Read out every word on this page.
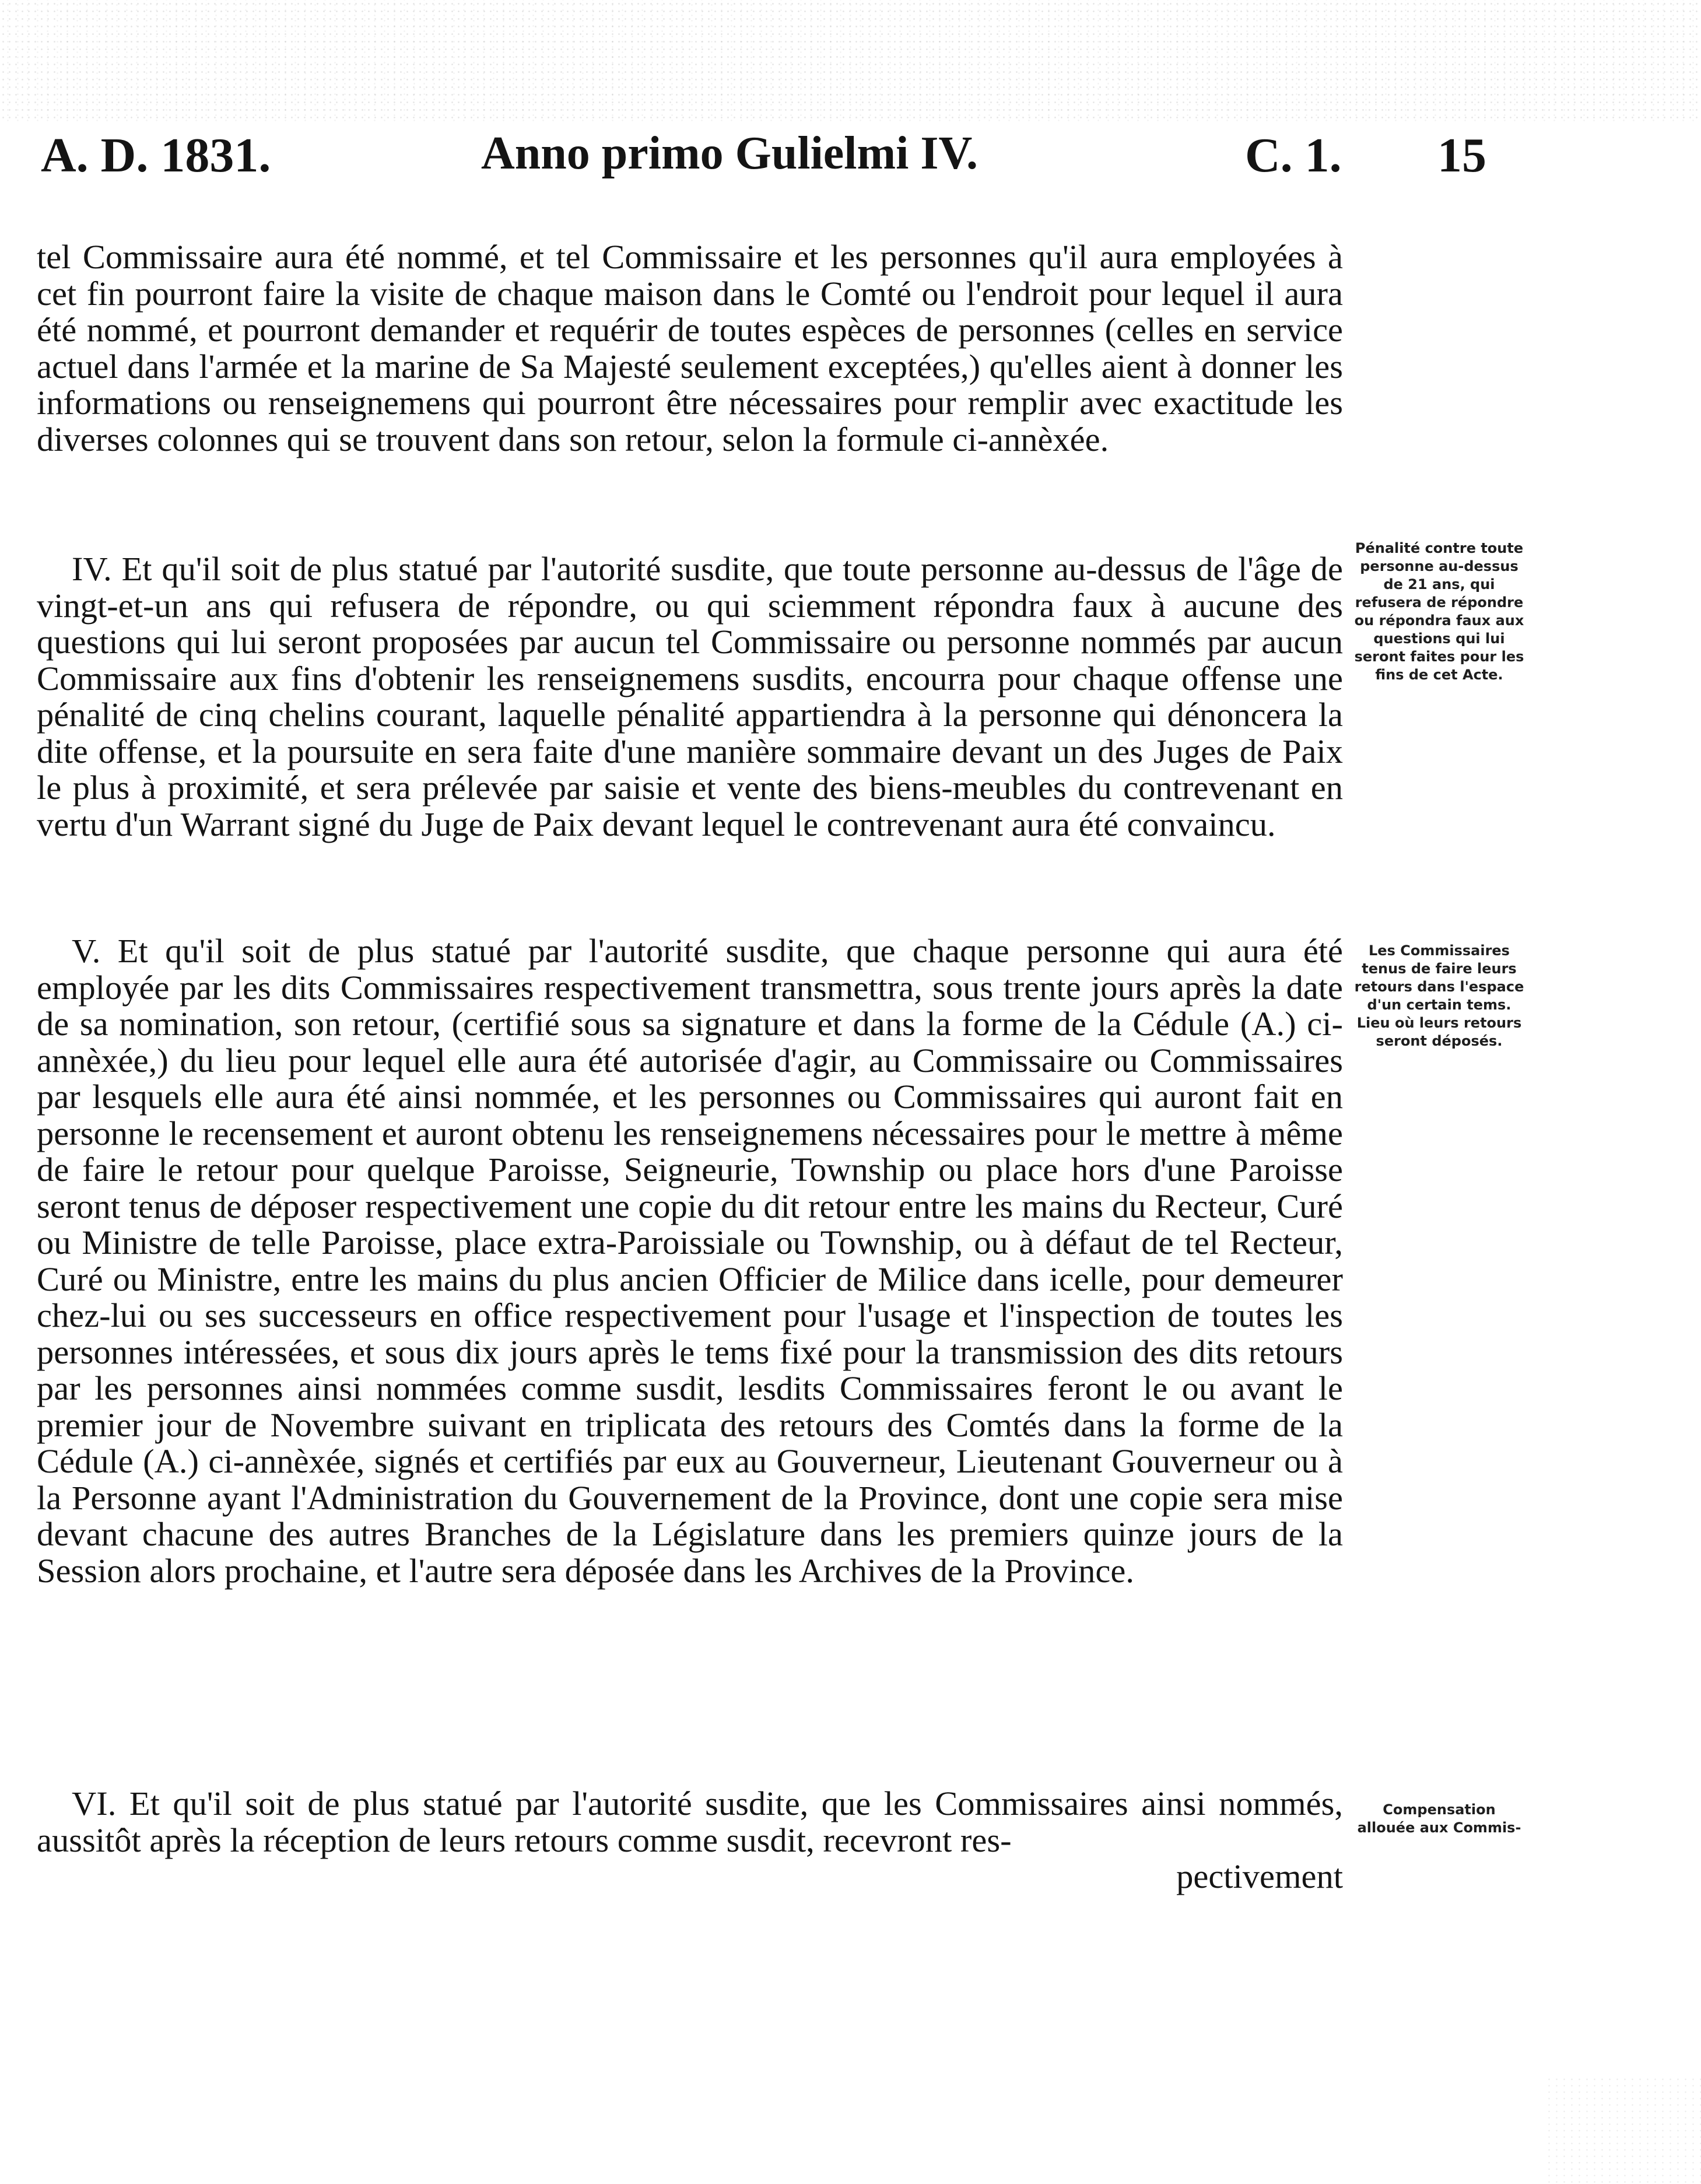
A. D. 1831.	Anno primo Gulielmi IV.	C. 1. 15

tel Commissaire aura été nommé, et tel Commissaire et les personnes qu'il aura employées à cet fin pourront faire la visite de chaque maison dans le Comté ou l'endroit pour lequel il aura été nommé, et pourront demander et requérir de toutes espèces de personnes (celles en service actuel dans l'armée et la marine de Sa Majesté seulement exceptées,) qu'elles aient à donner les informations ou renseignemens qui pourront être nécessaires pour remplir avec exactitude les diverses colonnes qui se trouvent dans son retour, selon la formule ci-annèxée.

IV. Et qu'il soit de plus statué par l'autorité susdite, que toute personne au-dessus de l'âge de vingt-et-un ans qui refusera de répondre, ou qui sciemment répondra faux à aucune des questions qui lui seront proposées par aucun tel Commissaire ou personne nommés par aucun Commissaire aux fins d'obtenir les renseignemens susdits, encourra pour chaque offense une pénalité de cinq chelins courant, laquelle pénalité appartiendra à la personne qui dénoncera la dite offense, et la poursuite en sera faite d'une manière sommaire devant un des Juges de Paix le plus à proximité, et sera prélevée par saisie et vente des biens-meubles du contrevenant en vertu d'un Warrant signé du Juge de Paix devant lequel le contrevenant aura été convaincu.

V. Et qu'il soit de plus statué par l'autorité susdite, que chaque personne qui aura été employée par les dits Commissaires respectivement transmettra, sous trente jours après la date de sa nomination, son retour, (certifié sous sa signature et dans la forme de la Cédule (A.) ci-annèxée,) du lieu pour lequel elle aura été autorisée d'agir, au Commissaire ou Commissaires par lesquels elle aura été ainsi nommée, et les personnes ou Commissaires qui auront fait en personne le recensement et auront obtenu les renseignemens nécessaires pour le mettre à même de faire le retour pour quelque Paroisse, Seigneurie, Township ou place hors d'une Paroisse seront tenus de déposer respectivement une copie du dit retour entre les mains du Recteur, Curé ou Ministre de telle Paroisse, place extra-Paroissiale ou Township, ou à défaut de tel Recteur, Curé ou Ministre, entre les mains du plus ancien Officier de Milice dans icelle, pour demeurer chez-lui ou ses successeurs en office respectivement pour l'usage et l'inspection de toutes les personnes intéressées, et sous dix jours après le tems fixé pour la transmission des dits retours par les personnes ainsi nommées comme susdit, lesdits Commissaires feront le ou avant le premier jour de Novembre suivant en triplicata des retours des Comtés dans la forme de la Cédule (A.) ci-annèxée, signés et certifiés par eux au Gouverneur, Lieutenant Gouverneur ou à la Personne ayant l'Administration du Gouvernement de la Province, dont une copie sera mise devant chacune des autres Branches de la Législature dans les premiers quinze jours de la Session alors prochaine, et l'autre sera déposée dans les Archives de la Province.

VI. Et qu'il soit de plus statué par l'autorité susdite, que les Commissaires ainsi nommés, aussitôt après la réception de leurs retours comme susdit, recevront res-

pectivement
Pénalité contre toute personne au-dessus de 21 ans, qui refusera de répondre ou répondra faux aux questions qui lui seront faites pour les fins de cet Acte.
Les Commissaires tenus de faire leurs retours dans l'espace d'un certain tems. Lieu où leurs retours seront déposés.
Compensation allouée aux Commis-
